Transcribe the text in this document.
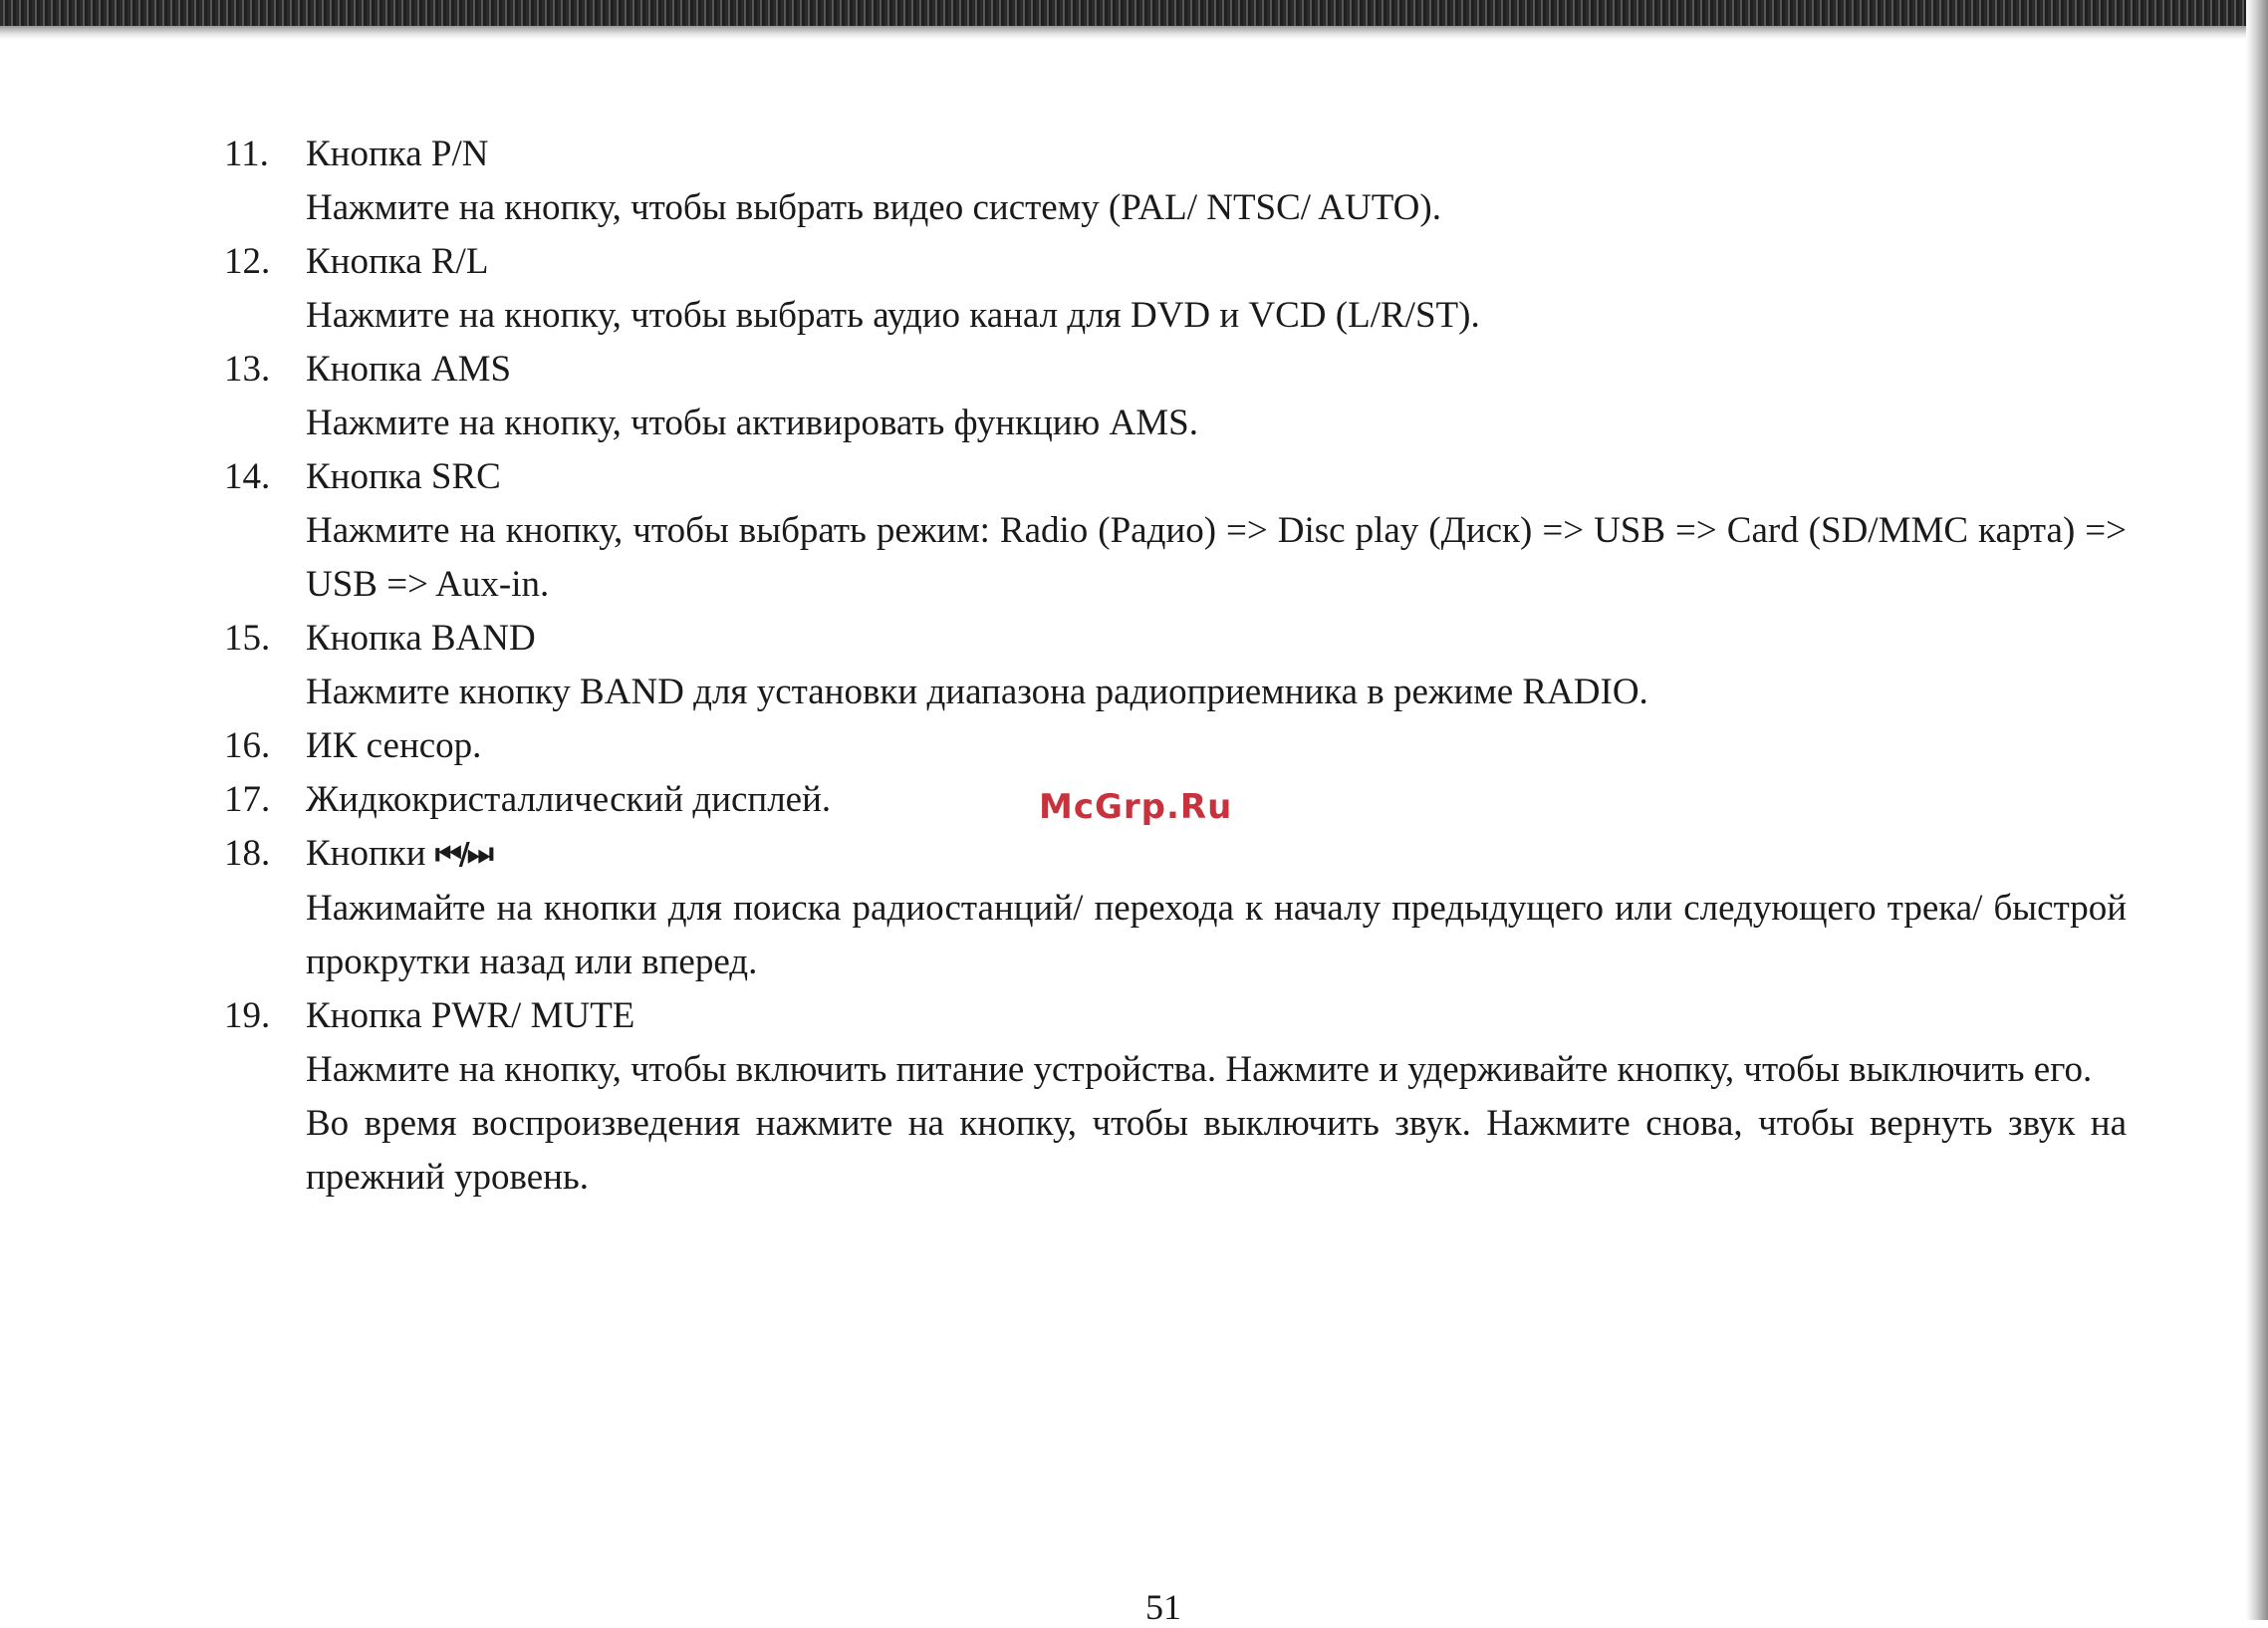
11.	Кнопка P/N
Нажмите на кнопку, чтобы выбрать видео систему (PAL/ NTSC/ AUTO).
12. Кнопка R/L
Нажмите на кнопку, чтобы выбрать аудио канал для DVD и VCD (L/R/ST).
13. Кнопка AMS
Нажмите на кнопку, чтобы активировать функцию AMS.
14. Кнопка SRC
Нажмите на кнопку, чтобы выбрать режим: Radio (Радио) => Disc play (Диск) => USB => Card (SD/MMC карта) => USB => Aux-in.
15. Кнопка BAND
Нажмите кнопку BAND для установки диапазона радиоприемника в режиме RADIO.
16. ИК сенсор.
17. Жидкокристаллический дисплей.
18. Кнопки ⏮/⏭
Нажимайте на кнопки для поиска радиостанций/ перехода к началу предыдущего или следующего трека/ быстрой прокрутки назад или вперед.
19. Кнопка PWR/ MUTE
Нажмите на кнопку, чтобы включить питание устройства. Нажмите и удерживайте кнопку, чтобы выключить его.
Во время воспроизведения нажмите на кнопку, чтобы выключить звук. Нажмите снова, чтобы вернуть звук на прежний уровень.
McGrp.Ru
51
